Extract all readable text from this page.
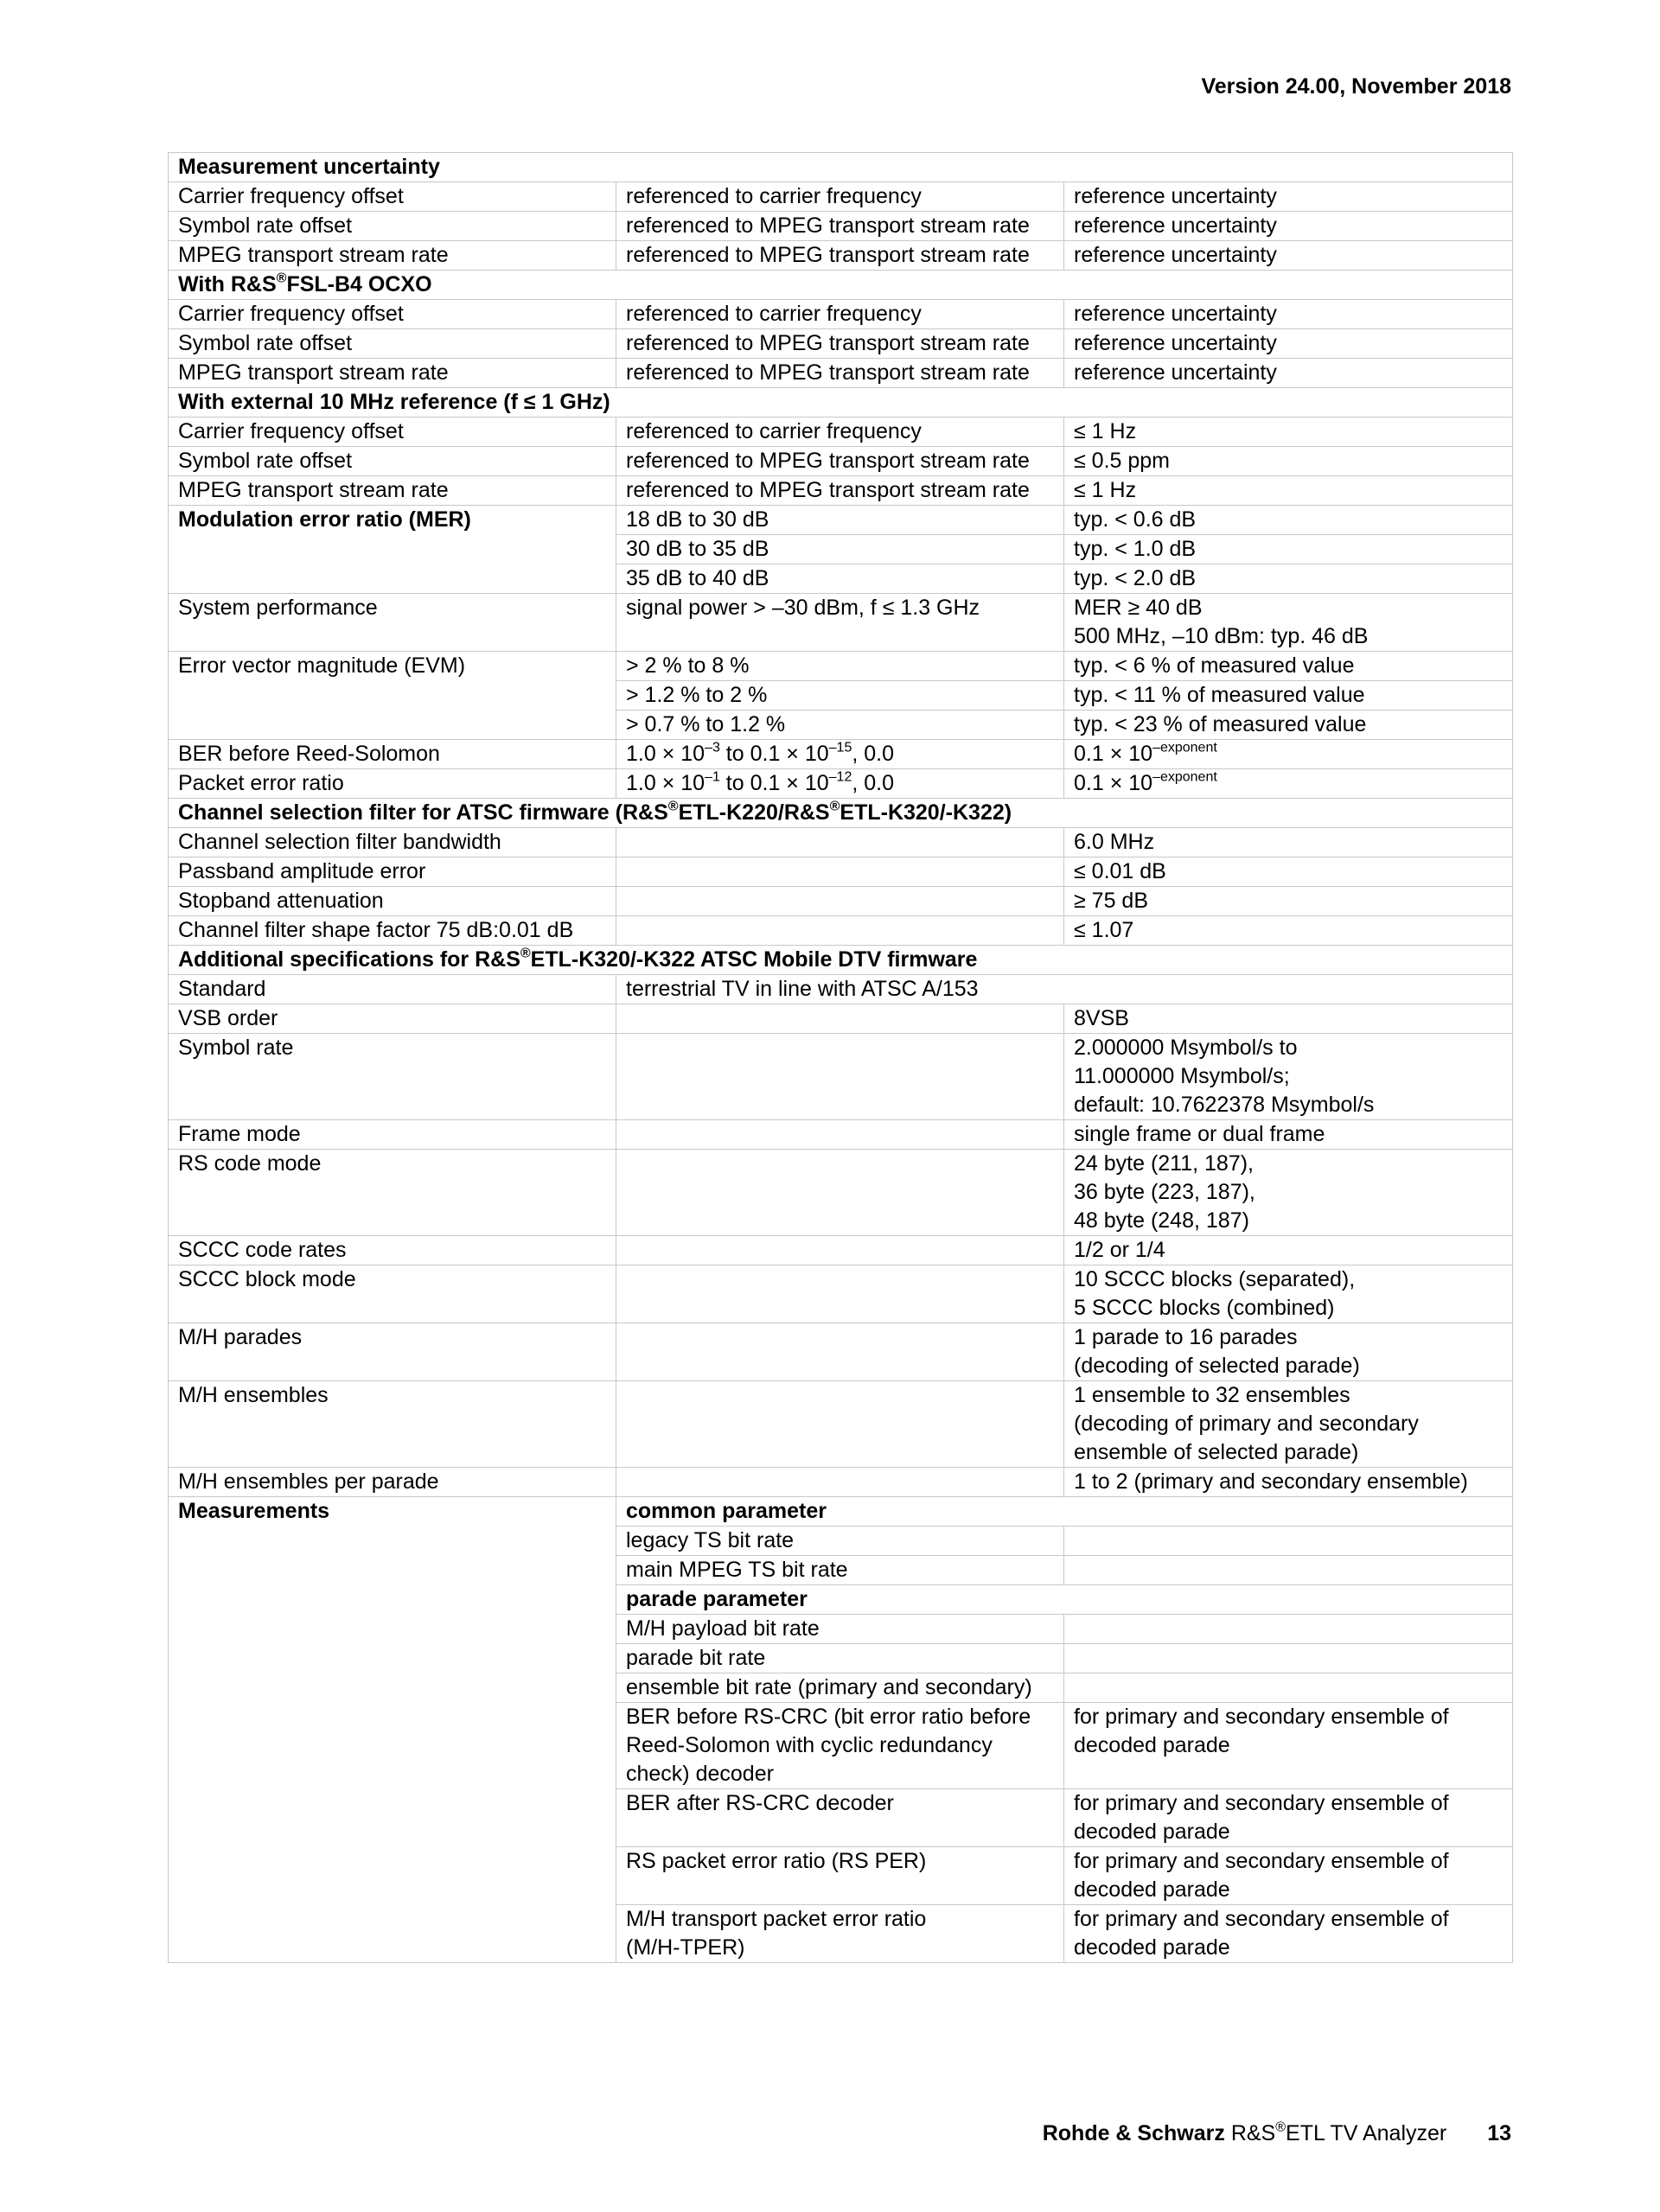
Version 24.00, November 2018
Measurement uncertainty		
Carrier frequency offset	referenced to carrier frequency	reference uncertainty
Symbol rate offset	referenced to MPEG transport stream rate	reference uncertainty
MPEG transport stream rate	referenced to MPEG transport stream rate	reference uncertainty
With R&S®FSL-B4 OCXO		
Carrier frequency offset	referenced to carrier frequency	reference uncertainty
Symbol rate offset	referenced to MPEG transport stream rate	reference uncertainty
MPEG transport stream rate	referenced to MPEG transport stream rate	reference uncertainty
With external 10 MHz reference (f ≤ 1 GHz)		
Carrier frequency offset	referenced to carrier frequency	≤ 1 Hz
Symbol rate offset	referenced to MPEG transport stream rate	≤ 0.5 ppm
MPEG transport stream rate	referenced to MPEG transport stream rate	≤ 1 Hz
Modulation error ratio (MER)	18 dB to 30 dB	typ. < 0.6 dB
	30 dB to 35 dB	typ. < 1.0 dB
	35 dB to 40 dB	typ. < 2.0 dB
System performance	signal power > –30 dBm, f ≤ 1.3 GHz	MER ≥ 40 dB
500 MHz, –10 dBm: typ. 46 dB
Error vector magnitude (EVM)	> 2 % to 8 %	typ. < 6 % of measured value
	> 1.2 % to 2 %	typ. < 11 % of measured value
	> 0.7 % to 1.2 %	typ. < 23 % of measured value
BER before Reed-Solomon	$1.0 \times 10^{-3}$ to $0.1 \times 10^{-15}$, 0.0	$0.1 \times 10^{-exponent}$
Packet error ratio	$1.0 \times 10^{-1}$ to $0.1 \times 10^{-12}$, 0.0	$0.1 \times 10^{-exponent}$
Channel selection filter for ATSC firmware (R&S®ETL-K220/R&S®ETL-K320/-K322)		
Channel selection filter bandwidth		6.0 MHz
Passband amplitude error		≤ 0.01 dB
Stopband attenuation		≥ 75 dB
Channel filter shape factor 75 dB:0.01 dB		≤ 1.07
Additional specifications for R&S®ETL-K320/-K322 ATSC Mobile DTV firmware		
Standard	terrestrial TV in line with ATSC A/153	
VSB order		8VSB
Symbol rate		2.000000 Msymbol/s to
11.000000 Msymbol/s;
default: 10.7622378 Msymbol/s
Frame mode		single frame or dual frame
RS code mode		24 byte (211, 187),
36 byte (223, 187),
48 byte (248, 187)
SCCC code rates		1/2 or 1/4
SCCC block mode		10 SCCC blocks (separated),
5 SCCC blocks (combined)
M/H parades		1 parade to 16 parades
(decoding of selected parade)
M/H ensembles		1 ensemble to 32 ensembles
(decoding of primary and secondary
ensemble of selected parade)
M/H ensembles per parade		1 to 2 (primary and secondary ensemble)
Measurements	common parameter	
	legacy TS bit rate	
	main MPEG TS bit rate	
	parade parameter	
	M/H payload bit rate	
	parade bit rate	
	ensemble bit rate (primary and secondary)	
	BER before RS-CRC (bit error ratio before
Reed-Solomon with cyclic redundancy
check) decoder	for primary and secondary ensemble of
decoded parade
	BER after RS-CRC decoder	for primary and secondary ensemble of
decoded parade
	RS packet error ratio (RS PER)	for primary and secondary ensemble of
decoded parade
	M/H transport packet error ratio
(M/H-TPER)	for primary and secondary ensemble of
decoded parade
Rohde & Schwarz R&S®ETL TV Analyzer 13
